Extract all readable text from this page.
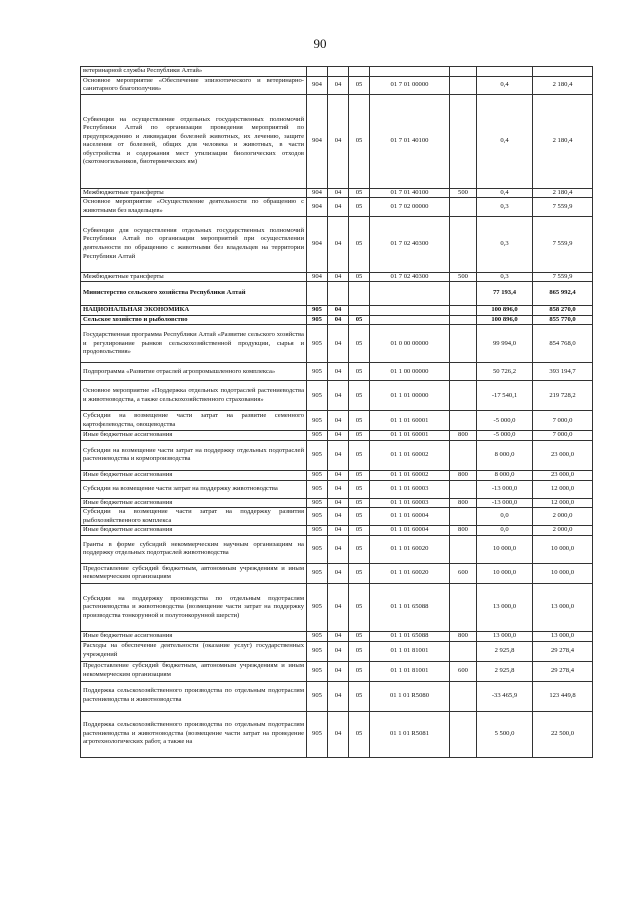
90
ветеринарной службы Республики Алтай»							
Основное мероприятие «Обеспечение эпизоотического и ветеринарно-санитарного благополучия»	904	04	05	01 7 01 00000		0,4	2 180,4
Субвенции на осуществление отдельных государственных полномочий Республики Алтай по организации проведения мероприятий по предупреждению и ликвидации болезней животных, их лечению, защите населения от болезней, общих для человека и животных, в части обустройства и содержания мест утилизации биологических отходов (скотомогильников, биотермических ям)	904	04	05	01 7 01 40100		0,4	2 180,4
Межбюджетные трансферты	904	04	05	01 7 01 40100	500	0,4	2 180,4
Основное мероприятие «Осуществление деятельности по обращению с животными без владельцев»	904	04	05	01 7 02 00000		0,3	7 559,9
Субвенции для осуществления отдельных государственных полномочий Республики Алтай по организации мероприятий при осуществлении деятельности по обращению с животными без владельцев на территории Республики Алтай	904	04	05	01 7 02 40300		0,3	7 559,9
Межбюджетные трансферты	904	04	05	01 7 02 40300	500	0,3	7 559,9
Министерство сельского хозяйства Республики Алтай						77 193,4	865 992,4
НАЦИОНАЛЬНАЯ ЭКОНОМИКА	905	04				100 896,0	858 270,0
Сельское хозяйство и рыболовство	905	04	05			100 896,0	855 770,0
Государственная программа Республики Алтай «Развитие сельского хозяйства и регулирование рынков сельскохозяйственной продукции, сырья и продовольствия»	905	04	05	01 0 00 00000		99 994,0	854 768,0
Подпрограмма «Развитие отраслей агропромышленного комплекса»	905	04	05	01 1 00 00000		50 726,2	393 194,7
Основное мероприятие «Поддержка отдельных подотраслей растениеводства и животноводства, а также сельскохозяйственного страхования»	905	04	05	01 1 01 00000		-17 540,1	219 728,2
Субсидии на возмещение части затрат на развитие семенного картофелеводства, овощеводства	905	04	05	01 1 01 60001		-5 000,0	7 000,0
Иные бюджетные ассигнования	905	04	05	01 1 01 60001	800	-5 000,0	7 000,0
Субсидии на возмещение части затрат на поддержку отдельных подотраслей растениеводства и кормопроизводства	905	04	05	01 1 01 60002		8 000,0	23 000,0
Иные бюджетные ассигнования	905	04	05	01 1 01 60002	800	8 000,0	23 000,0
Субсидии на возмещение части затрат на поддержку животноводства	905	04	05	01 1 01 60003		-13 000,0	12 000,0
Иные бюджетные ассигнования	905	04	05	01 1 01 60003	800	-13 000,0	12 000,0
Субсидии на возмещение части затрат на поддержку развития рыбохозяйственного комплекса	905	04	05	01 1 01 60004		0,0	2 000,0
Иные бюджетные ассигнования	905	04	05	01 1 01 60004	800	0,0	2 000,0
Гранты в форме субсидий некоммерческим научным организациям на поддержку отдельных подотраслей животноводства	905	04	05	01 1 01 60020		10 000,0	10 000,0
Предоставление субсидий бюджетным, автономным учреждениям и иным некоммерческим организациям	905	04	05	01 1 01 60020	600	10 000,0	10 000,0
Субсидии на поддержку производства по отдельным подотраслям растениеводства и животноводства (возмещение части затрат на поддержку производства тонкорунной и полутонкорунной шерсти)	905	04	05	01 1 01 65088		13 000,0	13 000,0
Иные бюджетные ассигнования	905	04	05	01 1 01 65088	800	13 000,0	13 000,0
Расходы на обеспечение деятельности (оказание услуг) государственных учреждений	905	04	05	01 1 01 81001		2 925,8	29 278,4
Предоставление субсидий бюджетным, автономным учреждениям и иным некоммерческим организациям	905	04	05	01 1 01 81001	600	2 925,8	29 278,4
Поддержка сельскохозяйственного производства по отдельным подотраслям растениеводства и животноводства	905	04	05	01 1 01 R5080		-33 465,9	123 449,8
Поддержка сельскохозяйственного производства по отдельным подотраслям растениеводства и животноводства (возмещение части затрат на проведение агротехнологических работ, а также на	905	04	05	01 1 01 R5081		5 500,0	22 500,0
